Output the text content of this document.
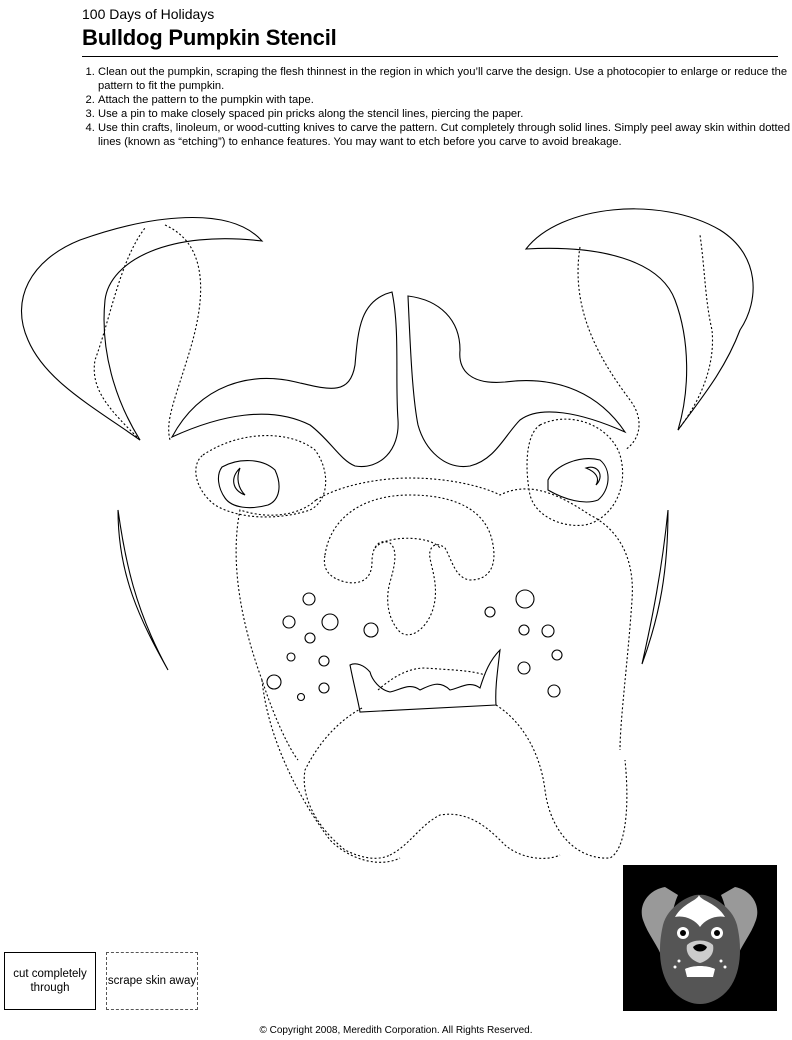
100 Days of Holidays
Bulldog Pumpkin Stencil
1. Clean out the pumpkin, scraping the flesh thinnest in the region in which you’ll carve the design. Use a photocopier to enlarge or reduce the pattern to fit the pumpkin.
2. Attach the pattern to the pumpkin with tape.
3. Use a pin to make closely spaced pin pricks along the stencil lines, piercing the paper.
4. Use thin crafts, linoleum, or wood-cutting knives to carve the pattern. Cut completely through solid lines. Simply peel away skin within dotted lines (known as “etching”) to enhance features. You may want to etch before you carve to avoid breakage.
cut completely through
scrape skin away
© Copyright 2008, Meredith Corporation. All Rights Reserved.
